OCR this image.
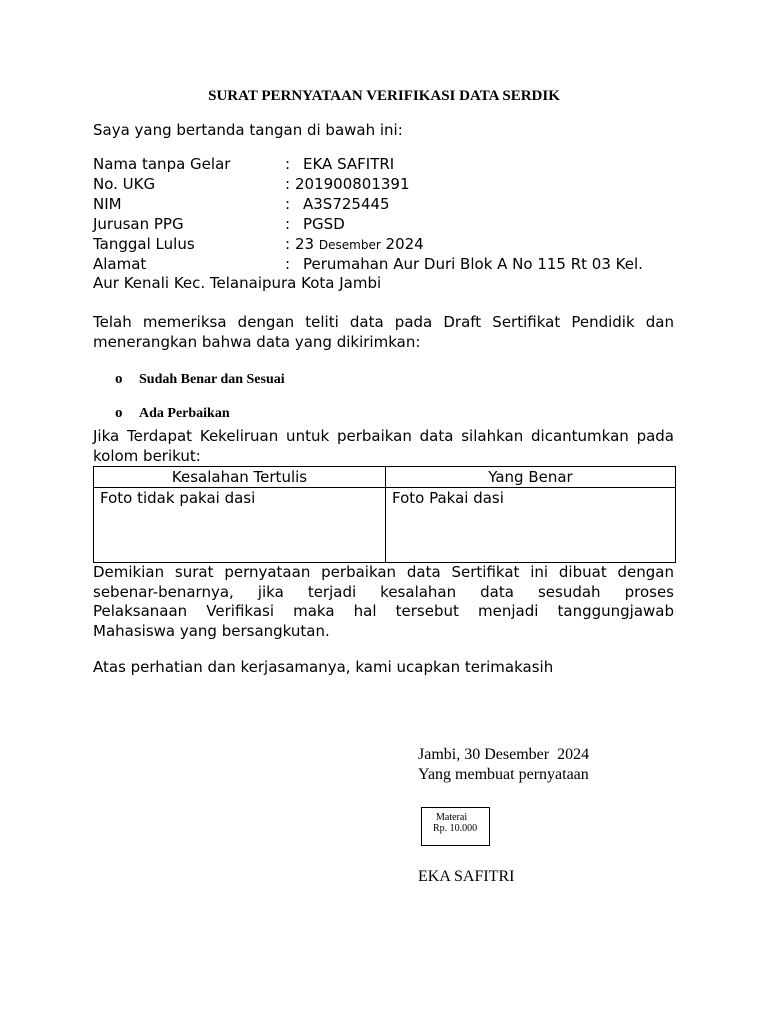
SURAT PERNYATAAN VERIFIKASI DATA SERDIK
Saya yang bertanda tangan di bawah ini:
Nama tanpa Gelar	: EKA SAFITRI
No. UKG	: 201900801391
NIM	: A3S725445
Jurusan PPG	: PGSD
Tanggal Lulus	: 23 Desember 2024
Alamat	: Perumahan Aur Duri Blok A No 115 Rt 03 Kel.
Aur Kenali Kec. Telanaipura Kota Jambi
Telah memeriksa dengan teliti data pada Draft Sertifikat Pendidik dan
menerangkan bahwa data yang dikirimkan:
o Sudah Benar dan Sesuai
o Ada Perbaikan
Jika Terdapat Kekeliruan untuk perbaikan data silahkan dicantumkan pada
kolom berikut:
Kesalahan Tertulis	Yang Benar
Foto tidak pakai dasi	Foto Pakai dasi
Demikian surat pernyataan perbaikan data Sertifikat ini dibuat dengan
sebenar-benarnya, jika terjadi kesalahan data sesudah proses
Pelaksanaan Verifikasi maka hal tersebut menjadi tanggungjawab
Mahasiswa yang bersangkutan.
Atas perhatian dan kerjasamanya, kami ucapkan terimakasih
Jambi, 30 Desember  2024
Yang membuat pernyataan
Materai
Rp. 10.000
EKA SAFITRI
